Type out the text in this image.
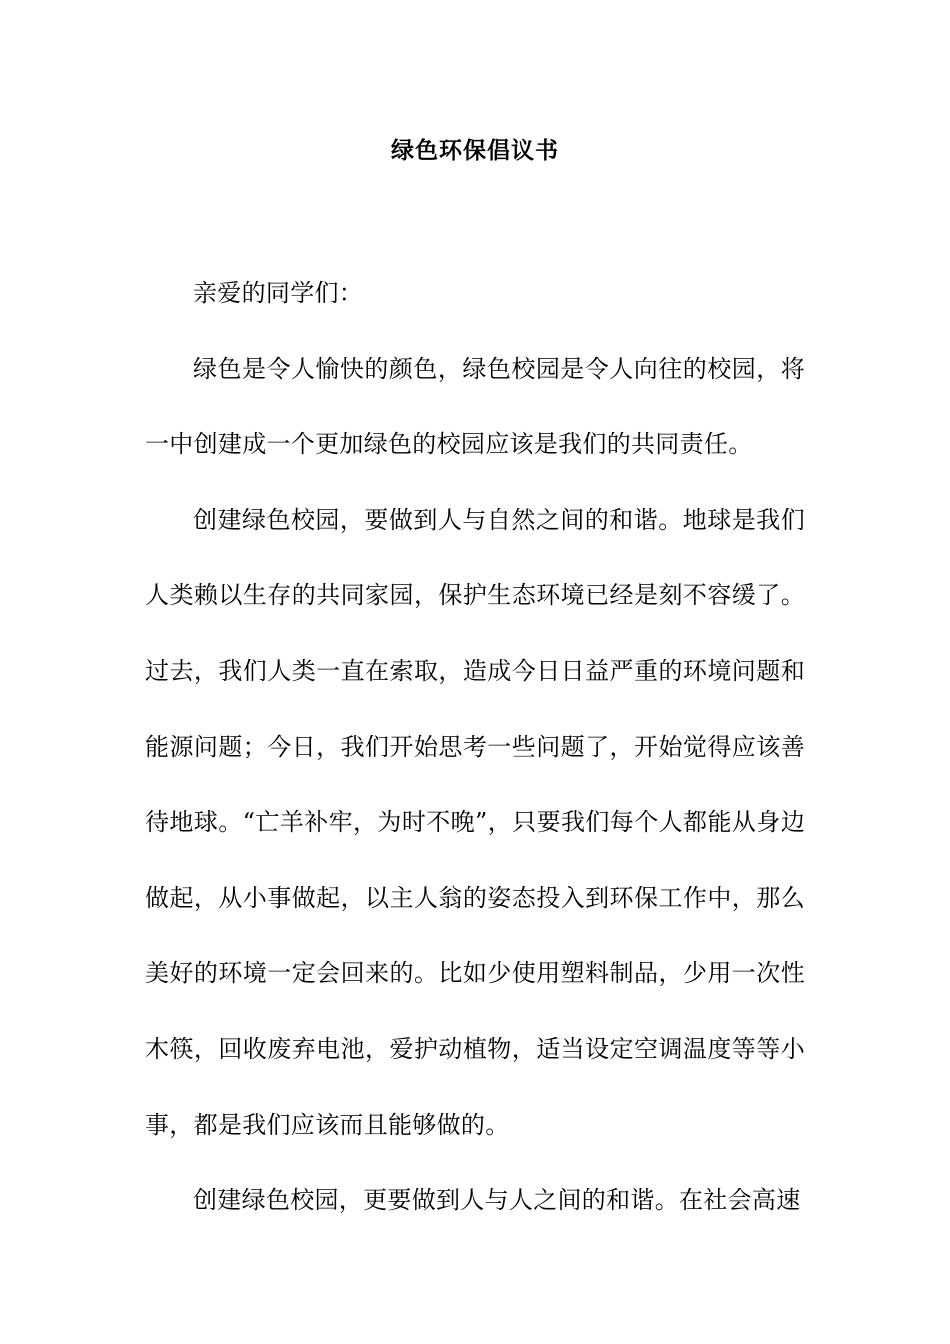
绿色环保倡议书

亲爱的同学们：

绿色是令人愉快的颜色，绿色校园是令人向往的校园，将一中创建成一个更加绿色的校园应该是我们的共同责任。

创建绿色校园，要做到人与自然之间的和谐。地球是我们人类赖以生存的共同家园，保护生态环境已经是刻不容缓了。过去，我们人类一直在索取，造成今日日益严重的环境问题和能源问题；今日，我们开始思考一些问题了，开始觉得应该善待地球。“亡羊补牢，为时不晚”，只要我们每个人都能从身边做起，从小事做起，以主人翁的姿态投入到环保工作中，那么美好的环境一定会回来的。比如少使用塑料制品，少用一次性木筷，回收废弃电池，爱护动植物，适当设定空调温度等等小事，都是我们应该而且能够做的。

创建绿色校园，更要做到人与人之间的和谐。在社会高速
